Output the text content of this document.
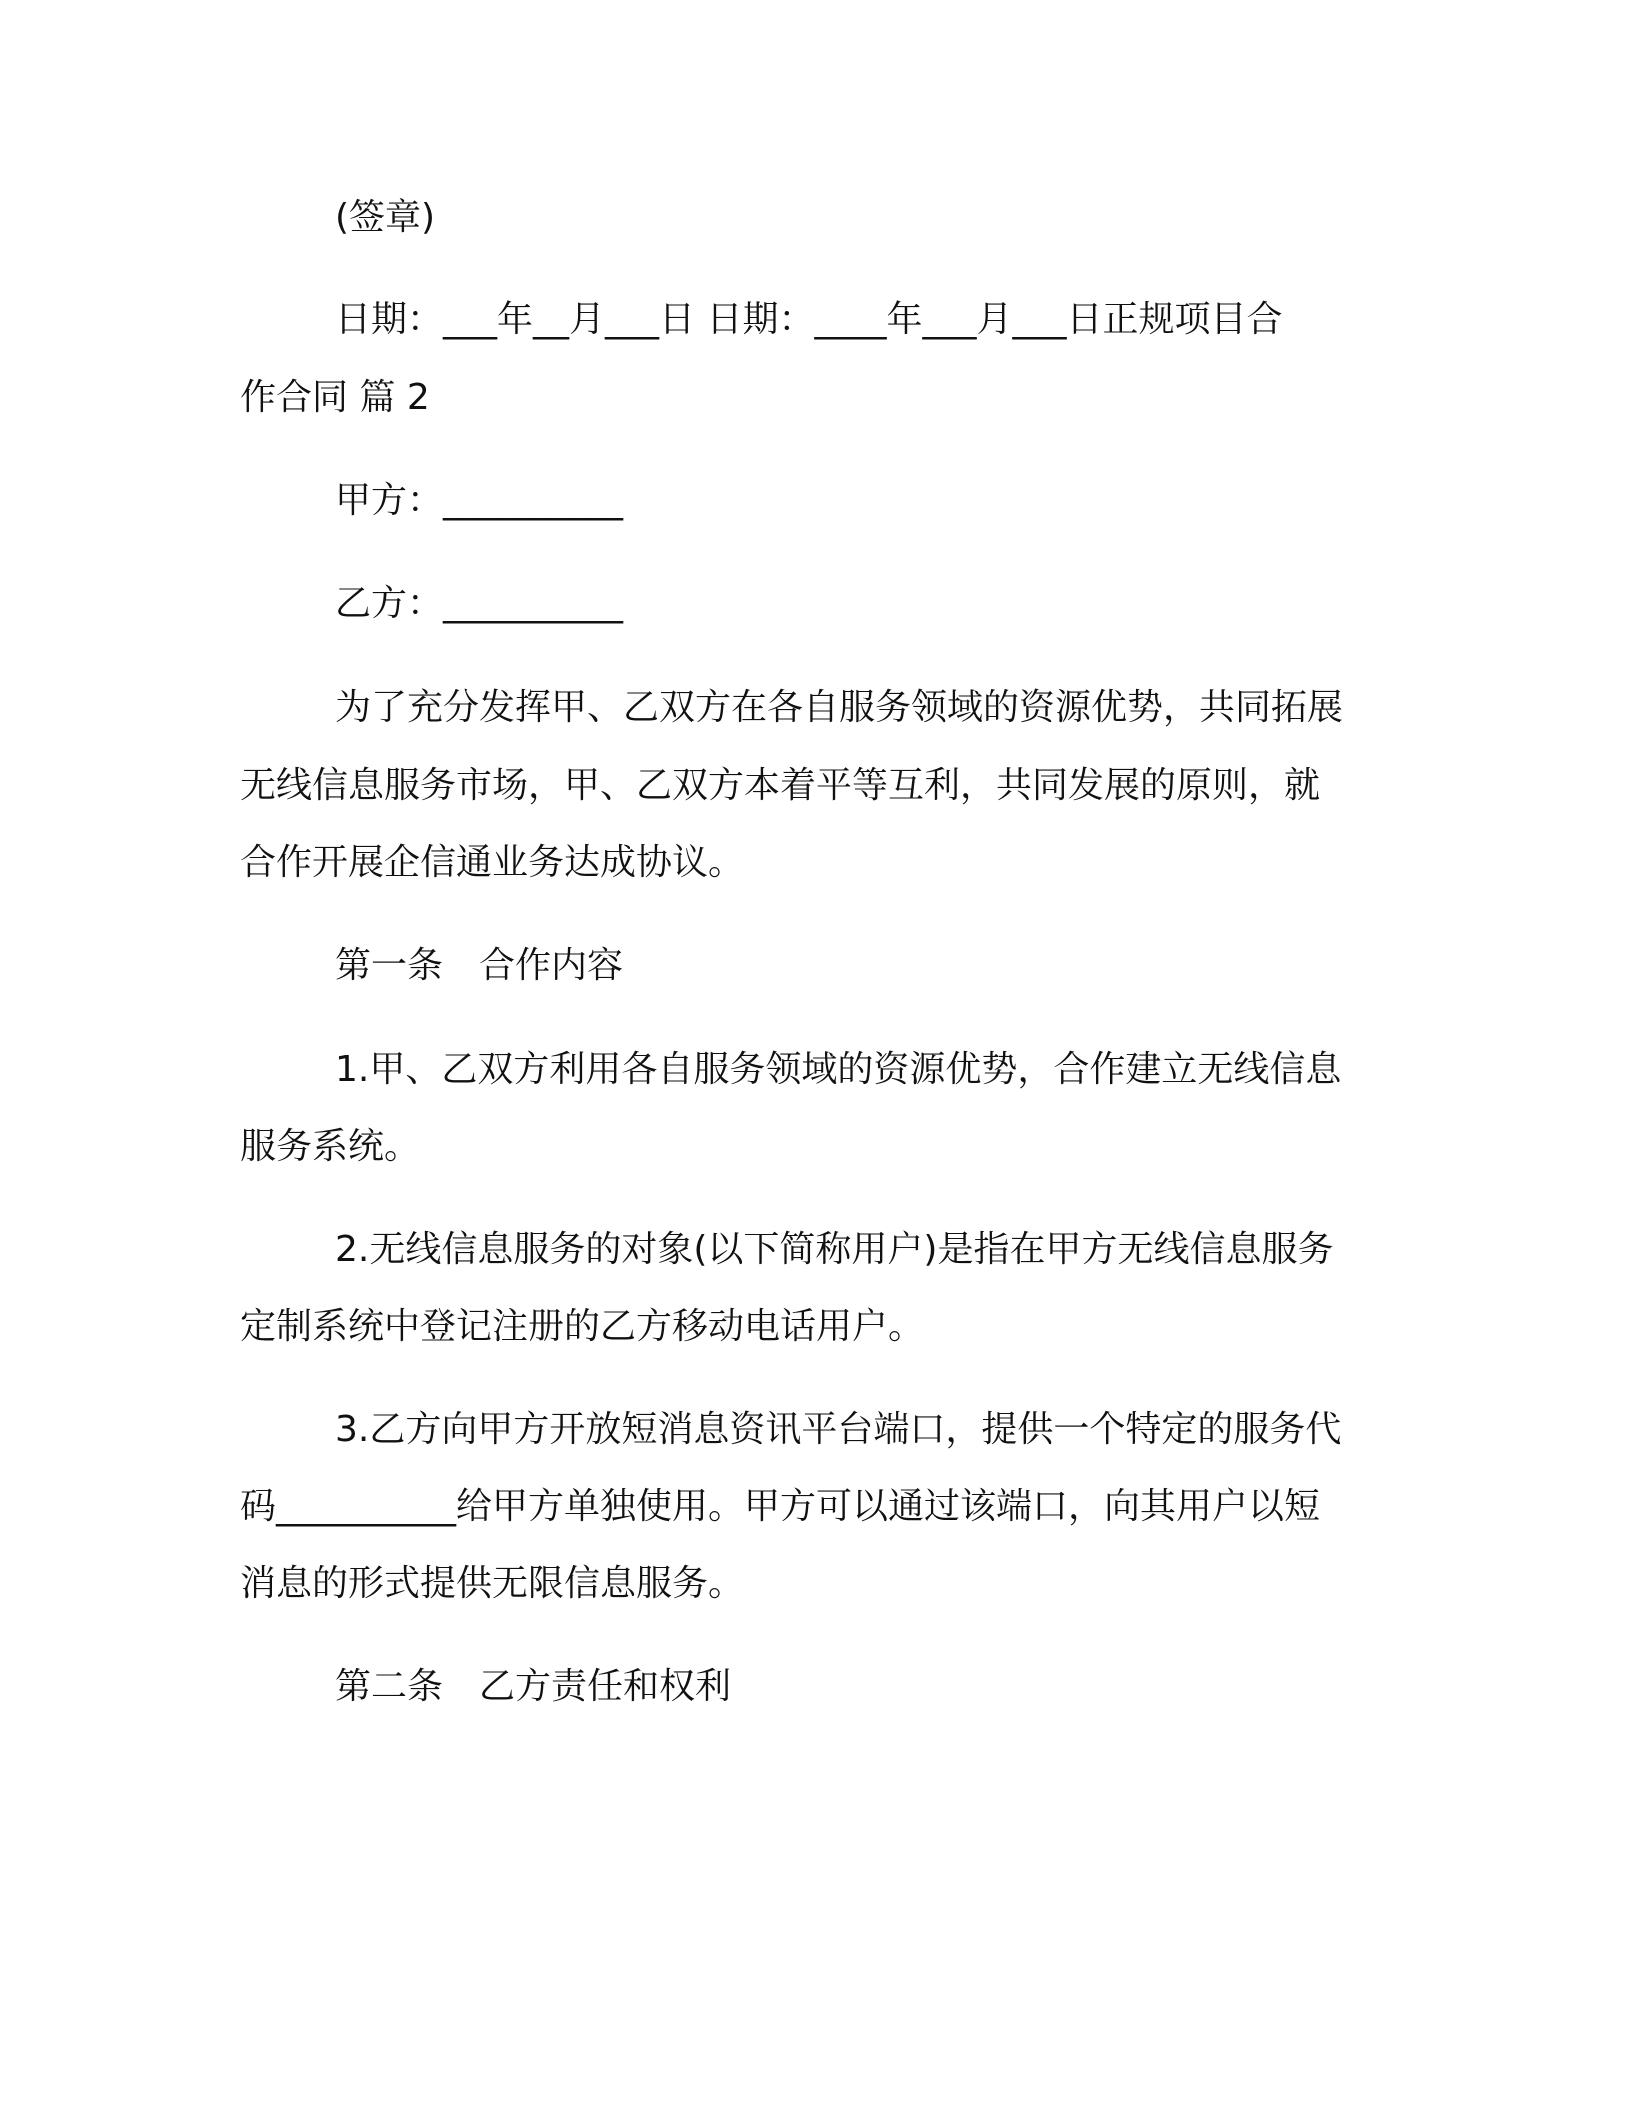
(签章)
日期：___年__月___日 日期：____年___月___日正规项目合
作合同 篇 2
甲方：__________
乙方：__________
为了充分发挥甲、乙双方在各自服务领域的资源优势，共同拓展
无线信息服务市场，甲、乙双方本着平等互利，共同发展的原则，就
合作开展企信通业务达成协议。
第一条　合作内容
1.甲、乙双方利用各自服务领域的资源优势，合作建立无线信息
服务系统。
2.无线信息服务的对象(以下简称用户)是指在甲方无线信息服务
定制系统中登记注册的乙方移动电话用户。
3.乙方向甲方开放短消息资讯平台端口，提供一个特定的服务代
码__________给甲方单独使用。甲方可以通过该端口，向其用户以短
消息的形式提供无限信息服务。
第二条　乙方责任和权利
